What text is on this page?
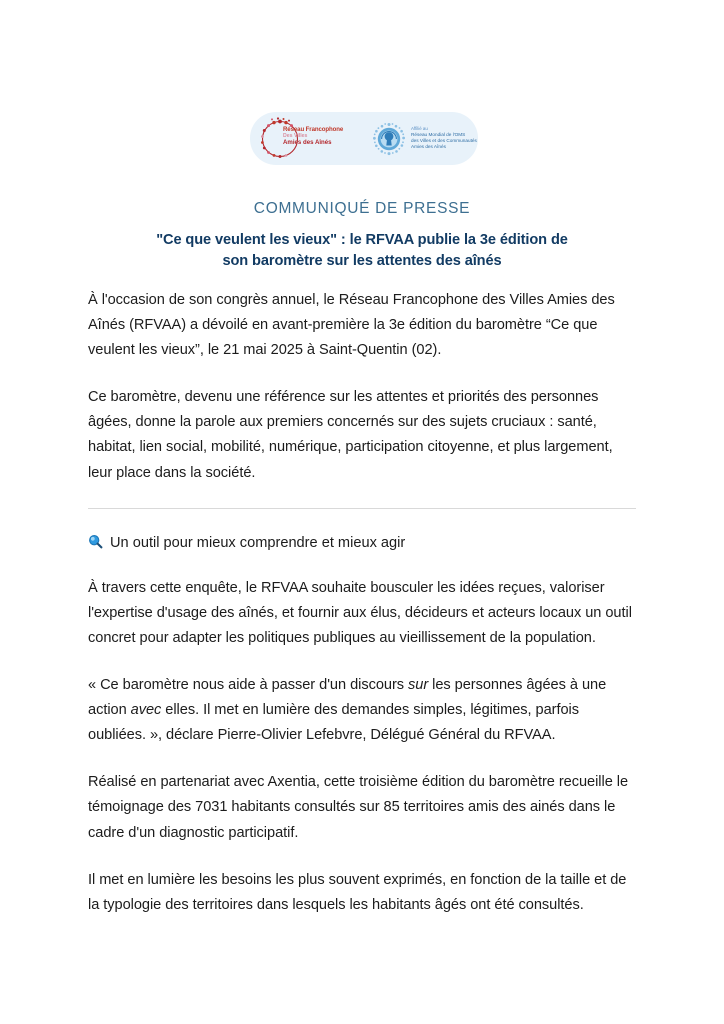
Réseau Francophone
Des Villes
Amies des Aînés
Affilié au
Réseau Mondial de l'OMS
des Villes et des Communautés
Amies des Aînés
COMMUNIQUÉ DE PRESSE
"Ce que veulent les vieux" : le RFVAA publie la 3e édition de
son baromètre sur les attentes des aînés

À l'occasion de son congrès annuel, le Réseau Francophone des Villes Amies des Aînés (RFVAA) a dévoilé en avant-première la 3e édition du baromètre “Ce que veulent les vieux”, le 21 mai 2025 à Saint-Quentin (02).

Ce baromètre, devenu une référence sur les attentes et priorités des personnes âgées, donne la parole aux premiers concernés sur des sujets cruciaux : santé, habitat, lien social, mobilité, numérique, participation citoyenne, et plus largement, leur place dans la société.

Un outil pour mieux comprendre et mieux agir

À travers cette enquête, le RFVAA souhaite bousculer les idées reçues, valoriser l'expertise d'usage des aînés, et fournir aux élus, décideurs et acteurs locaux un outil concret pour adapter les politiques publiques au vieillissement de la population.

« Ce baromètre nous aide à passer d'un discours sur les personnes âgées à une action avec elles. Il met en lumière des demandes simples, légitimes, parfois oubliées. », déclare Pierre-Olivier Lefebvre, Délégué Général du RFVAA.

Réalisé en partenariat avec Axentia, cette troisième édition du baromètre recueille le témoignage des 7031 habitants consultés sur 85 territoires amis des ainés dans le cadre d'un diagnostic participatif.

Il met en lumière les besoins les plus souvent exprimés, en fonction de la taille et de la typologie des territoires dans lesquels les habitants âgés ont été consultés.
